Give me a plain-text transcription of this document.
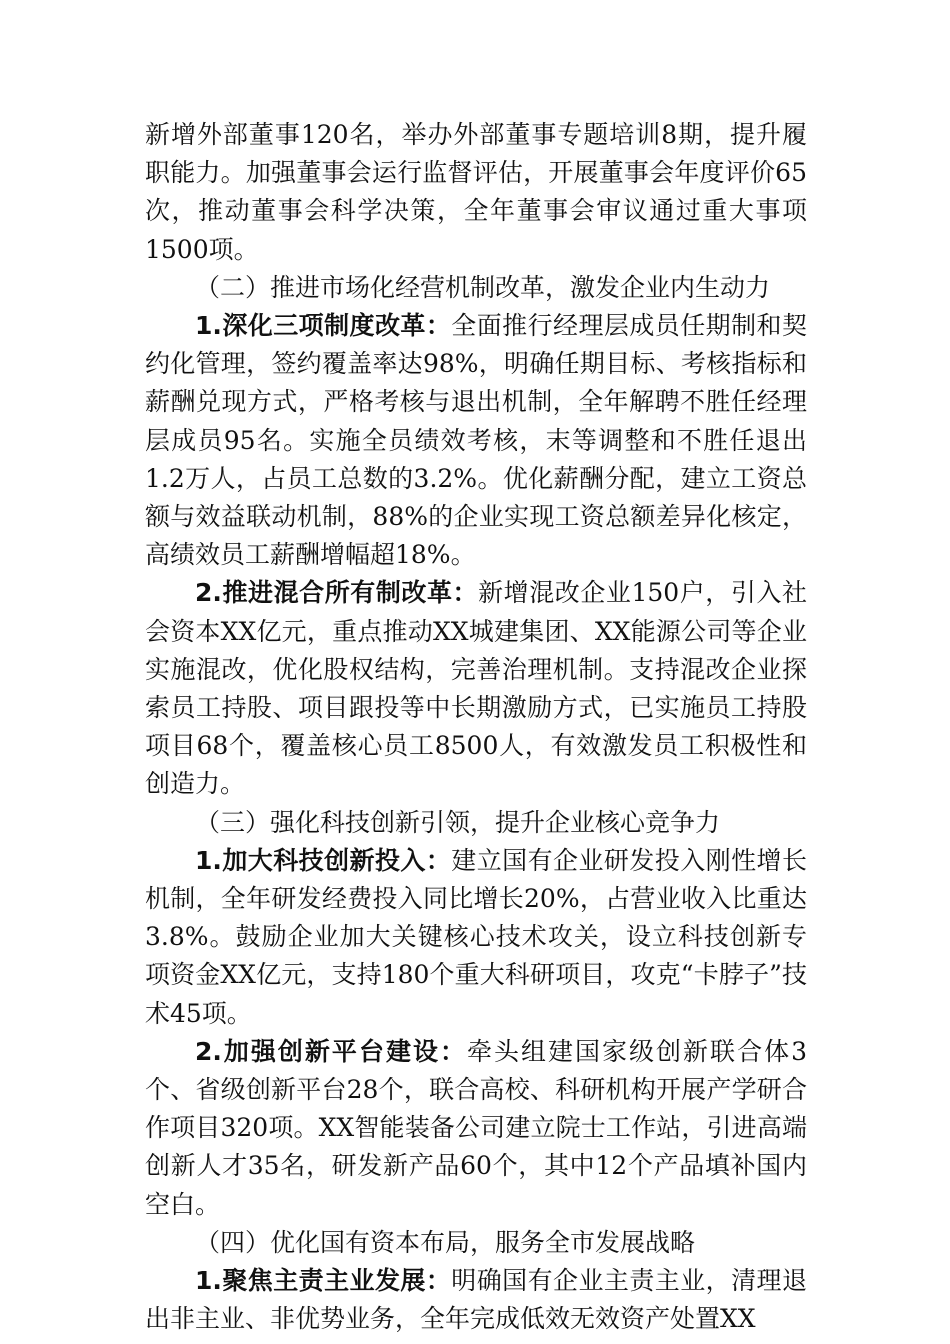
新增外部董事120名，举办外部董事专题培训8期，提升履职能力。加强董事会运行监督评估，开展董事会年度评价65次，推动董事会科学决策，全年董事会审议通过重大事项1500项。

（二）推进市场化经营机制改革，激发企业内生动力

1.深化三项制度改革：全面推行经理层成员任期制和契约化管理，签约覆盖率达98%，明确任期目标、考核指标和薪酬兑现方式，严格考核与退出机制，全年解聘不胜任经理层成员95名。实施全员绩效考核，末等调整和不胜任退出1.2万人，占员工总数的3.2%。优化薪酬分配，建立工资总额与效益联动机制，88%的企业实现工资总额差异化核定，高绩效员工薪酬增幅超18%。

2.推进混合所有制改革：新增混改企业150户，引入社会资本XX亿元，重点推动XX城建集团、XX能源公司等企业实施混改，优化股权结构，完善治理机制。支持混改企业探索员工持股、项目跟投等中长期激励方式，已实施员工持股项目68个，覆盖核心员工8500人，有效激发员工积极性和创造力。

（三）强化科技创新引领，提升企业核心竞争力

1.加大科技创新投入：建立国有企业研发投入刚性增长机制，全年研发经费投入同比增长20%，占营业收入比重达3.8%。鼓励企业加大关键核心技术攻关，设立科技创新专项资金XX亿元，支持180个重大科研项目，攻克“卡脖子”技术45项。

2.加强创新平台建设：牵头组建国家级创新联合体3个、省级创新平台28个，联合高校、科研机构开展产学研合作项目320项。XX智能装备公司建立院士工作站，引进高端创新人才35名，研发新产品60个，其中12个产品填补国内空白。

（四）优化国有资本布局，服务全市发展战略

1.聚焦主责主业发展：明确国有企业主责主业，清理退出非主业、非优势业务，全年完成低效无效资产处置XX
